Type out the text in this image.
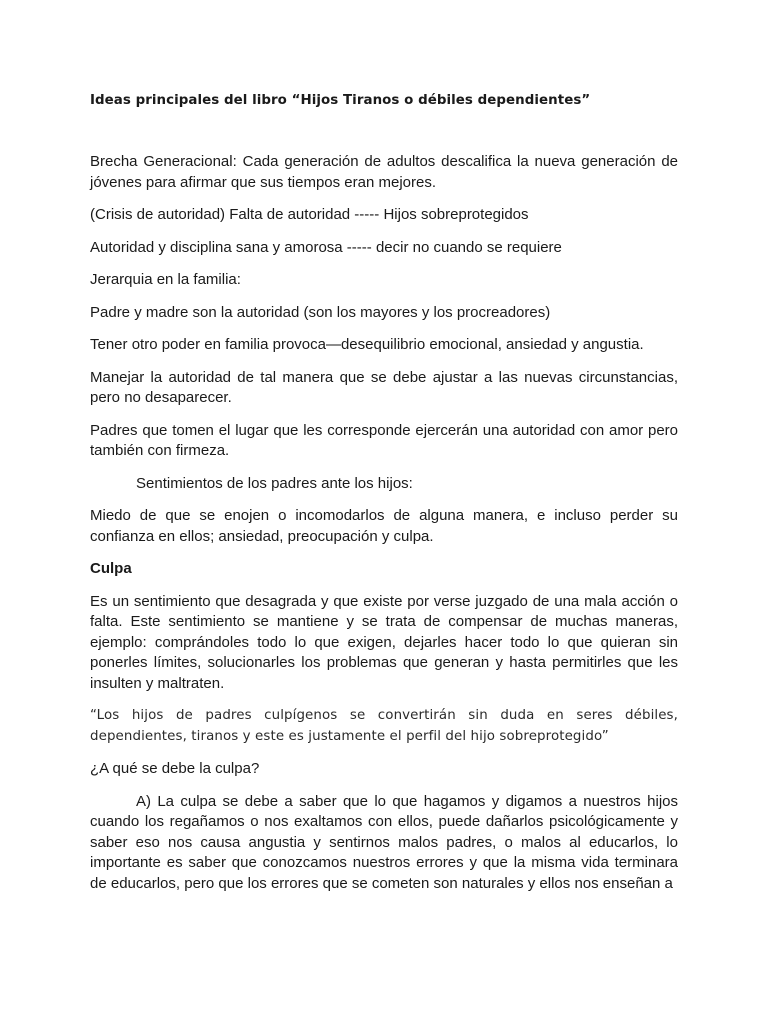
Ideas principales del libro “Hijos Tiranos o débiles dependientes”

Brecha Generacional: Cada generación de adultos descalifica la nueva generación de jóvenes para afirmar que sus tiempos eran mejores.

(Crisis de autoridad) Falta de autoridad ----- Hijos sobreprotegidos

Autoridad y disciplina sana y amorosa ----- decir no cuando se requiere

Jerarquia en la familia:

Padre y madre son la autoridad (son los mayores y los procreadores)

Tener otro poder en familia provoca—desequilibrio emocional, ansiedad y angustia.

Manejar la autoridad de tal manera que se debe ajustar a las nuevas circunstancias, pero no desaparecer.

Padres que tomen el lugar que les corresponde ejercerán una autoridad con amor pero también con firmeza.

Sentimientos de los padres ante los hijos:

Miedo de que se enojen o incomodarlos de alguna manera, e incluso perder su confianza en ellos; ansiedad, preocupación y culpa.

Culpa

Es un sentimiento que desagrada y que existe por verse juzgado de una mala acción o falta. Este sentimiento se mantiene y se trata de compensar de muchas maneras, ejemplo: comprándoles todo lo que exigen, dejarles hacer todo lo que quieran sin ponerles límites, solucionarles los problemas que generan y hasta permitirles que les insulten y maltraten.

“Los hijos de padres culpígenos se convertirán sin duda en seres débiles, dependientes, tiranos y este es justamente el perfil del hijo sobreprotegido”

¿A qué se debe la culpa?

A) La culpa se debe a saber que lo que hagamos y digamos a nuestros hijos cuando los regañamos o nos exaltamos con ellos, puede dañarlos psicológicamente y saber eso nos causa angustia y sentirnos malos padres, o malos al educarlos, lo importante es saber que conozcamos nuestros errores y que la misma vida terminara de educarlos, pero que los errores que se cometen son naturales y ellos nos enseñan a
